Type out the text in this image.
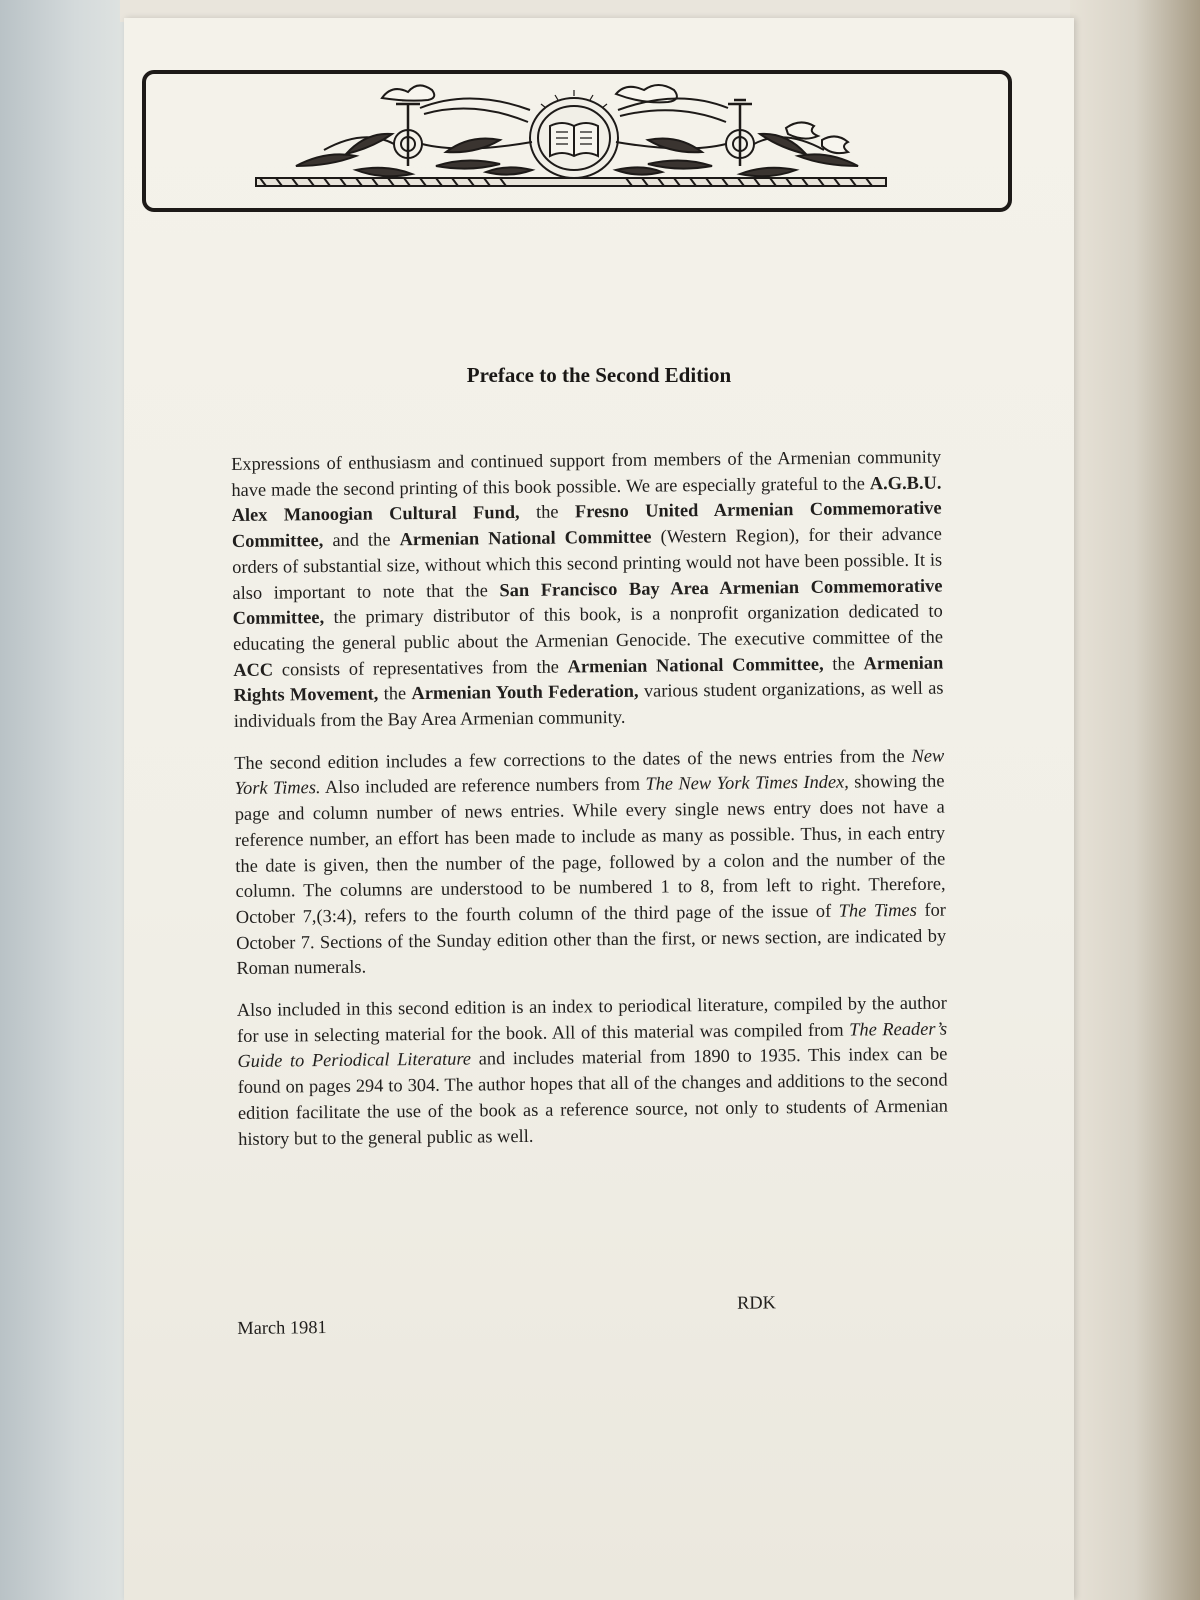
Preface to the Second Edition

Expressions of enthusiasm and continued support from members of the Armenian community have made the second printing of this book possible. We are especially grateful to the A.G.B.U. Alex Manoogian Cultural Fund, the Fresno United Armenian Commemorative Committee, and the Armenian National Committee (Western Region), for their advance orders of substantial size, without which this second printing would not have been possible. It is also important to note that the San Francisco Bay Area Armenian Commemorative Committee, the primary distributor of this book, is a nonprofit organization dedicated to educating the general public about the Armenian Genocide. The executive committee of the ACC consists of representatives from the Armenian National Committee, the Armenian Rights Movement, the Armenian Youth Federation, various student organizations, as well as individuals from the Bay Area Armenian community.

The second edition includes a few corrections to the dates of the news entries from the New York Times. Also included are reference numbers from The New York Times Index, showing the page and column number of news entries. While every single news entry does not have a reference number, an effort has been made to include as many as possible. Thus, in each entry the date is given, then the number of the page, followed by a colon and the number of the column. The columns are understood to be numbered 1 to 8, from left to right. Therefore, October 7,(3:4), refers to the fourth column of the third page of the issue of The Times for October 7. Sections of the Sunday edition other than the first, or news section, are indicated by Roman numerals.

Also included in this second edition is an index to periodical literature, compiled by the author for use in selecting material for the book. All of this material was compiled from The Reader’s Guide to Periodical Literature and includes material from 1890 to 1935. This index can be found on pages 294 to 304. The author hopes that all of the changes and additions to the second edition facilitate the use of the book as a reference source, not only to students of Armenian history but to the general public as well.

March 1981
RDK
